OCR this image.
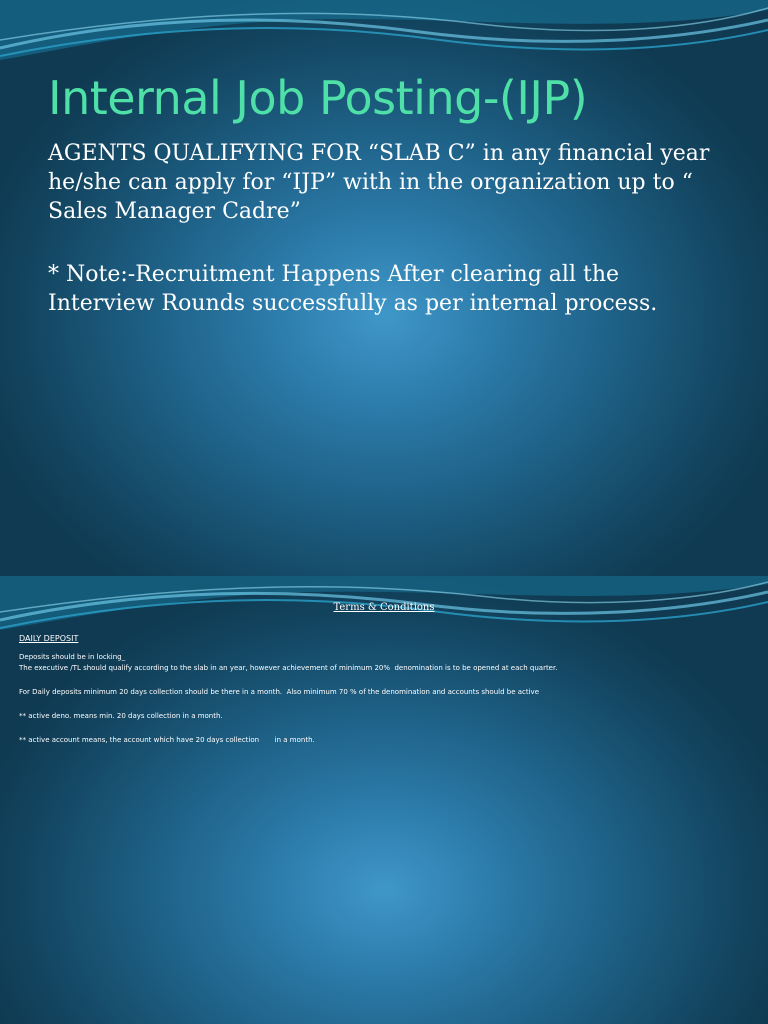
Internal Job Posting-(IJP)

AGENTS QUALIFYING FOR “SLAB C” in any financial year he/she can apply for “IJP” with in the organization up to “ Sales Manager Cadre”

* Note:-Recruitment Happens After clearing all the Interview Rounds successfully as per internal process.

Terms & Conditions

DAILY DEPOSIT

Deposits should be in locking_

The executive /TL should qualify according to the slab in an year, however achievement of minimum 20%  denomination is to be opened at each quarter.

For Daily deposits minimum 20 days collection should be there in a month.  Also minimum 70 % of the denomination and accounts should be active

** active deno. means min. 20 days collection in a month.

** active account means, the account which have 20 days collection       in a month.
